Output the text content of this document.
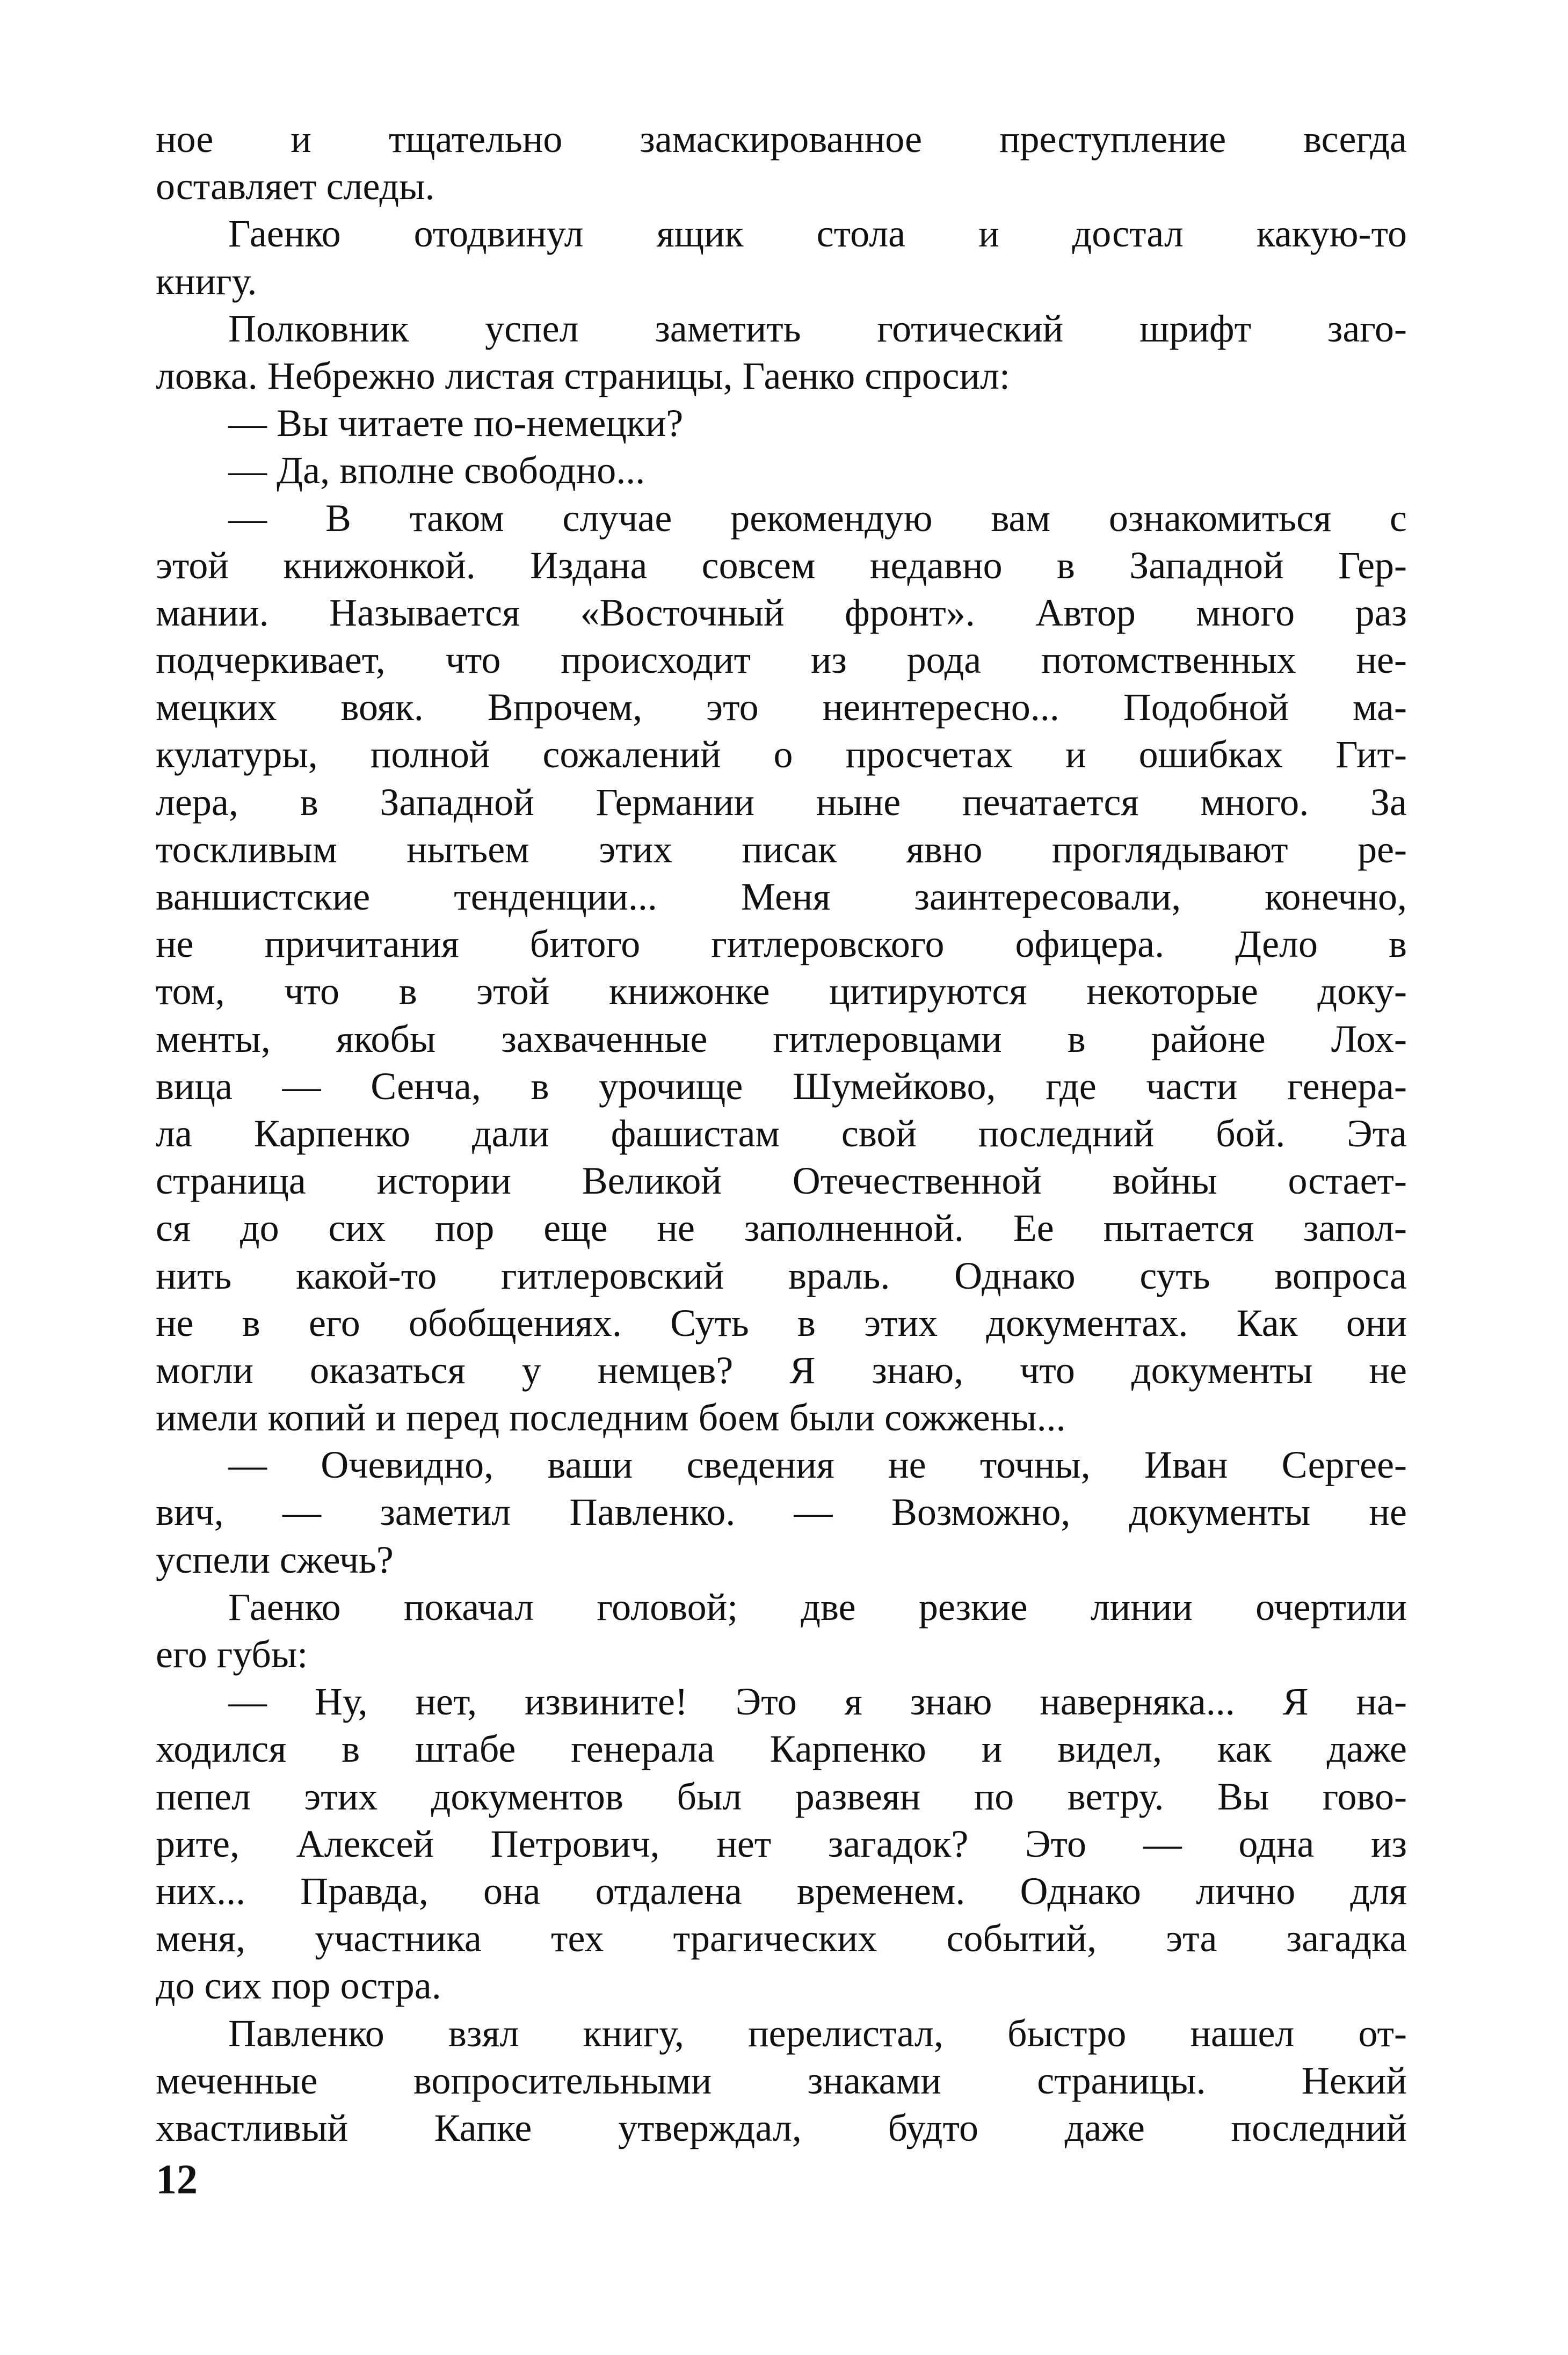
ное и тщательно замаскированное преступление всегда
оставляет следы.
Гаенко отодвинул ящик стола и достал какую-то
книгу.
Полковник успел заметить готический шрифт заго-
ловка. Небрежно листая страницы, Гаенко спросил:
— Вы читаете по-немецки?
— Да, вполне свободно...
— В таком случае рекомендую вам ознакомиться с
этой книжонкой. Издана совсем недавно в Западной Гер-
мании. Называется «Восточный фронт». Автор много раз
подчеркивает, что происходит из рода потомственных не-
мецких вояк. Впрочем, это неинтересно... Подобной ма-
кулатуры, полной сожалений о просчетах и ошибках Гит-
лера, в Западной Германии ныне печатается много. За
тоскливым нытьем этих писак явно проглядывают ре-
ваншистские тенденции... Меня заинтересовали, конечно,
не причитания битого гитлеровского офицера. Дело в
том, что в этой книжонке цитируются некоторые доку-
менты, якобы захваченные гитлеровцами в районе Лох-
вица — Сенча, в урочище Шумейково, где части генера-
ла Карпенко дали фашистам свой последний бой. Эта
страница истории Великой Отечественной войны остает-
ся до сих пор еще не заполненной. Ее пытается запол-
нить какой-то гитлеровский враль. Однако суть вопроса
не в его обобщениях. Суть в этих документах. Как они
могли оказаться у немцев? Я знаю, что документы не
имели копий и перед последним боем были сожжены...
— Очевидно, ваши сведения не точны, Иван Сергее-
вич, — заметил Павленко. — Возможно, документы не
успели сжечь?
Гаенко покачал головой; две резкие линии очертили
его губы:
— Ну, нет, извините! Это я знаю наверняка... Я на-
ходился в штабе генерала Карпенко и видел, как даже
пепел этих документов был развеян по ветру. Вы гово-
рите, Алексей Петрович, нет загадок? Это — одна из
них... Правда, она отдалена временем. Однако лично для
меня, участника тех трагических событий, эта загадка
до сих пор остра.
Павленко взял книгу, перелистал, быстро нашел от-
меченные вопросительными знаками страницы. Некий
хвастливый Капке утверждал, будто даже последний
12
